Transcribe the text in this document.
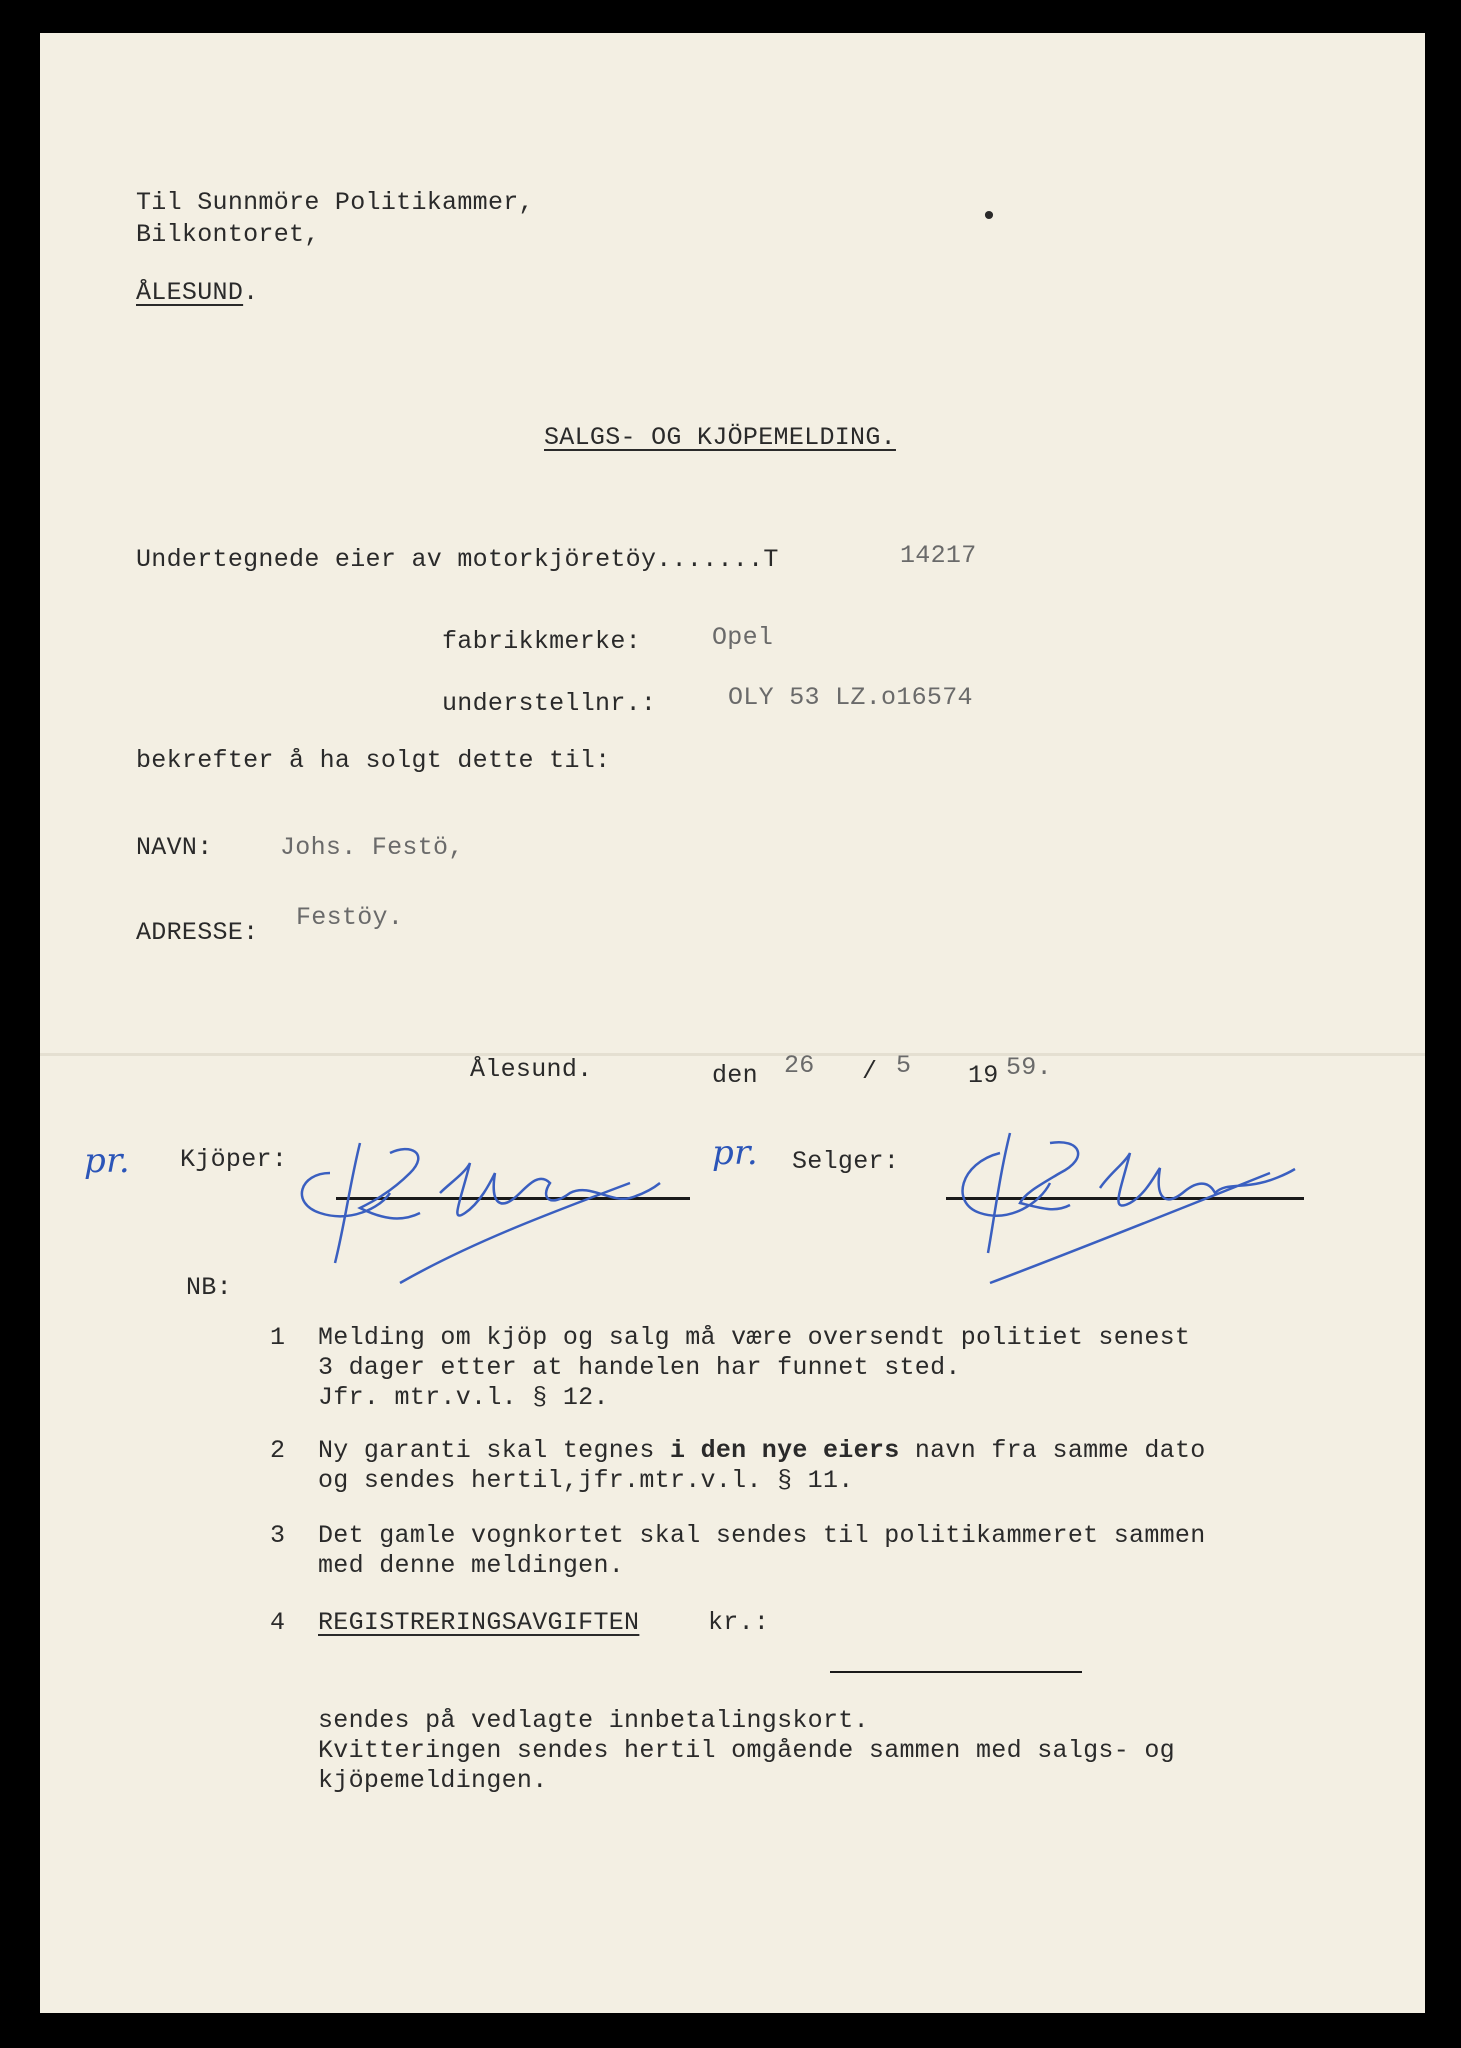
Til Sunnmöre Politikammer,
Bilkontoret,
ÅLESUND.
•
SALGS- OG KJÖPEMELDING.
Undertegnede eier av motorkjöretöy.......T	14217
fabrikkmerke:	Opel
understellnr.:	OLY 53 LZ.o16574
bekrefter å ha solgt dette til:
NAVN:	Johs. Festö,
ADRESSE:
Festöy.
Ålesund.	den 26 / 5 19 59.
pr. Kjöper:	pr. Selger:
NB:
1 Melding om kjöp og salg må være oversendt politiet senest
3 dager etter at handelen har funnet sted.
Jfr. mtr.v.l. § 12.
2 Ny garanti skal tegnes i den nye eiers navn fra samme dato
og sendes hertil,jfr.mtr.v.l. § 11.
3 Det gamle vognkortet skal sendes til politikammeret sammen
med denne meldingen.
4 REGISTRERINGSAVGIFTEN	kr.:
sendes på vedlagte innbetalingskort.
Kvitteringen sendes hertil omgående sammen med salgs- og
kjöpemeldingen.
